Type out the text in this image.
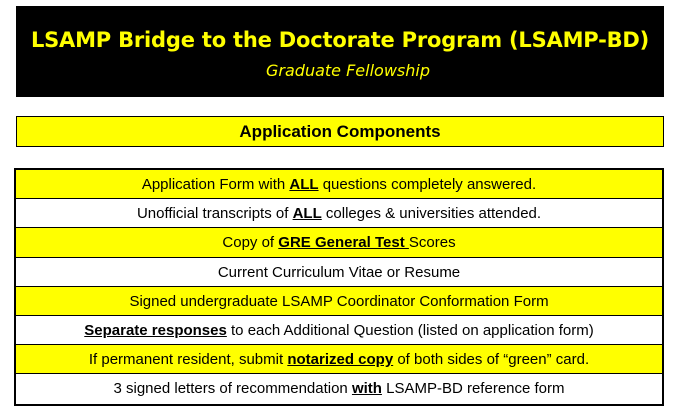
LSAMP Bridge to the Doctorate Program (LSAMP-BD)
Graduate Fellowship
Application Components
Application Form with ALL questions completely answered.
Unofficial transcripts of ALL colleges & universities attended.
Copy of GRE General Test Scores
Current Curriculum Vitae or Resume
Signed undergraduate LSAMP Coordinator Conformation Form
Separate responses to each Additional Question (listed on application form)
If permanent resident, submit notarized copy of both sides of “green” card.
3 signed letters of recommendation with LSAMP-BD reference form
